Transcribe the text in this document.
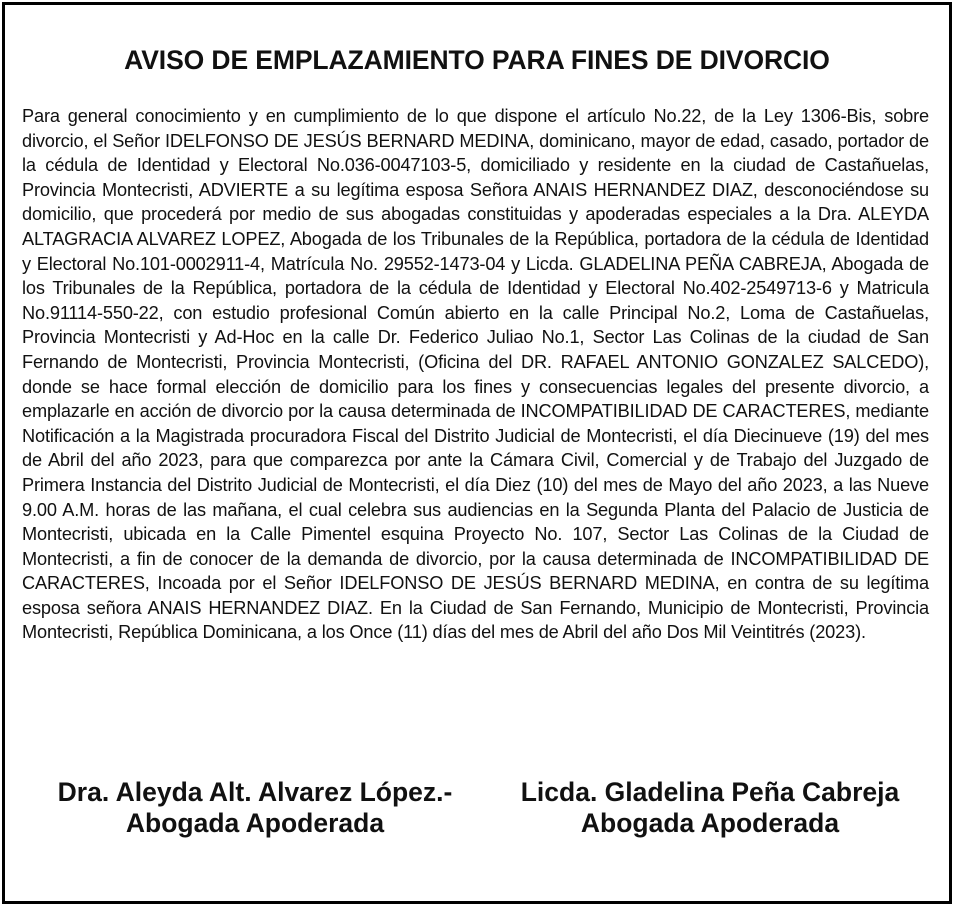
AVISO DE EMPLAZAMIENTO PARA FINES DE DIVORCIO

Para general conocimiento y en cumplimiento de lo que dispone el artículo No.22, de la Ley 1306-Bis, sobre divorcio, el Señor IDELFONSO DE JESÚS BERNARD MEDINA, dominicano, mayor de edad, casado, portador de la cédula de Identidad y Electoral No.036-0047103-5, domiciliado y residente en la ciudad de Castañuelas, Provincia Montecristi, ADVIERTE a su legítima esposa Señora ANAIS HERNANDEZ DIAZ, desconociéndose su domicilio, que procederá por medio de sus abogadas constituidas y apoderadas especiales a la Dra. ALEYDA ALTAGRACIA ALVAREZ LOPEZ, Abogada de los Tribunales de la República, portadora de la cédula de Identidad y Electoral No.101-0002911-4, Matrícula No. 29552-1473-04 y Licda. GLADELINA PEÑA CABREJA, Abogada de los Tribunales de la República, portadora de la cédula de Identidad y Electoral No.402-2549713-6 y Matricula No.91114-550-22, con estudio profesional Común abierto en la calle Principal No.2, Loma de Castañuelas, Provincia Montecristi y Ad-Hoc en la calle Dr. Federico Juliao No.1, Sector Las Colinas de la ciudad de San Fernando de Montecristi, Provincia Montecristi, (Oficina del DR. RAFAEL ANTONIO GONZALEZ SALCEDO), donde se hace formal elección de domicilio para los fines y consecuencias legales del presente divorcio, a emplazarle en acción de divorcio por la causa determinada de INCOMPATIBILIDAD DE CARACTERES, mediante Notificación a la Magistrada procuradora Fiscal del Distrito Judicial de Montecristi, el día Diecinueve (19) del mes de Abril del año 2023, para que comparezca por ante la Cámara Civil, Comercial y de Trabajo del Juzgado de Primera Instancia del Distrito Judicial de Montecristi, el día Diez (10) del mes de Mayo del año 2023, a las Nueve 9.00 A.M. horas de las mañana, el cual celebra sus audiencias en la Segunda Planta del Palacio de Justicia de Montecristi, ubicada en la Calle Pimentel esquina Proyecto No. 107, Sector Las Colinas de la Ciudad de Montecristi, a fin de conocer de la demanda de divorcio, por la causa determinada de INCOMPATIBILIDAD DE CARACTERES, Incoada por el Señor IDELFONSO DE JESÚS BERNARD MEDINA, en contra de su legítima esposa señora ANAIS HERNANDEZ DIAZ. En la Ciudad de San Fernando, Municipio de Montecristi, Provincia Montecristi, República Dominicana, a los Once (11) días del mes de Abril del año Dos Mil Veintitrés (2023).

Dra. Aleyda Alt. Alvarez López.-
Abogada Apoderada
Licda. Gladelina Peña Cabreja
Abogada Apoderada
